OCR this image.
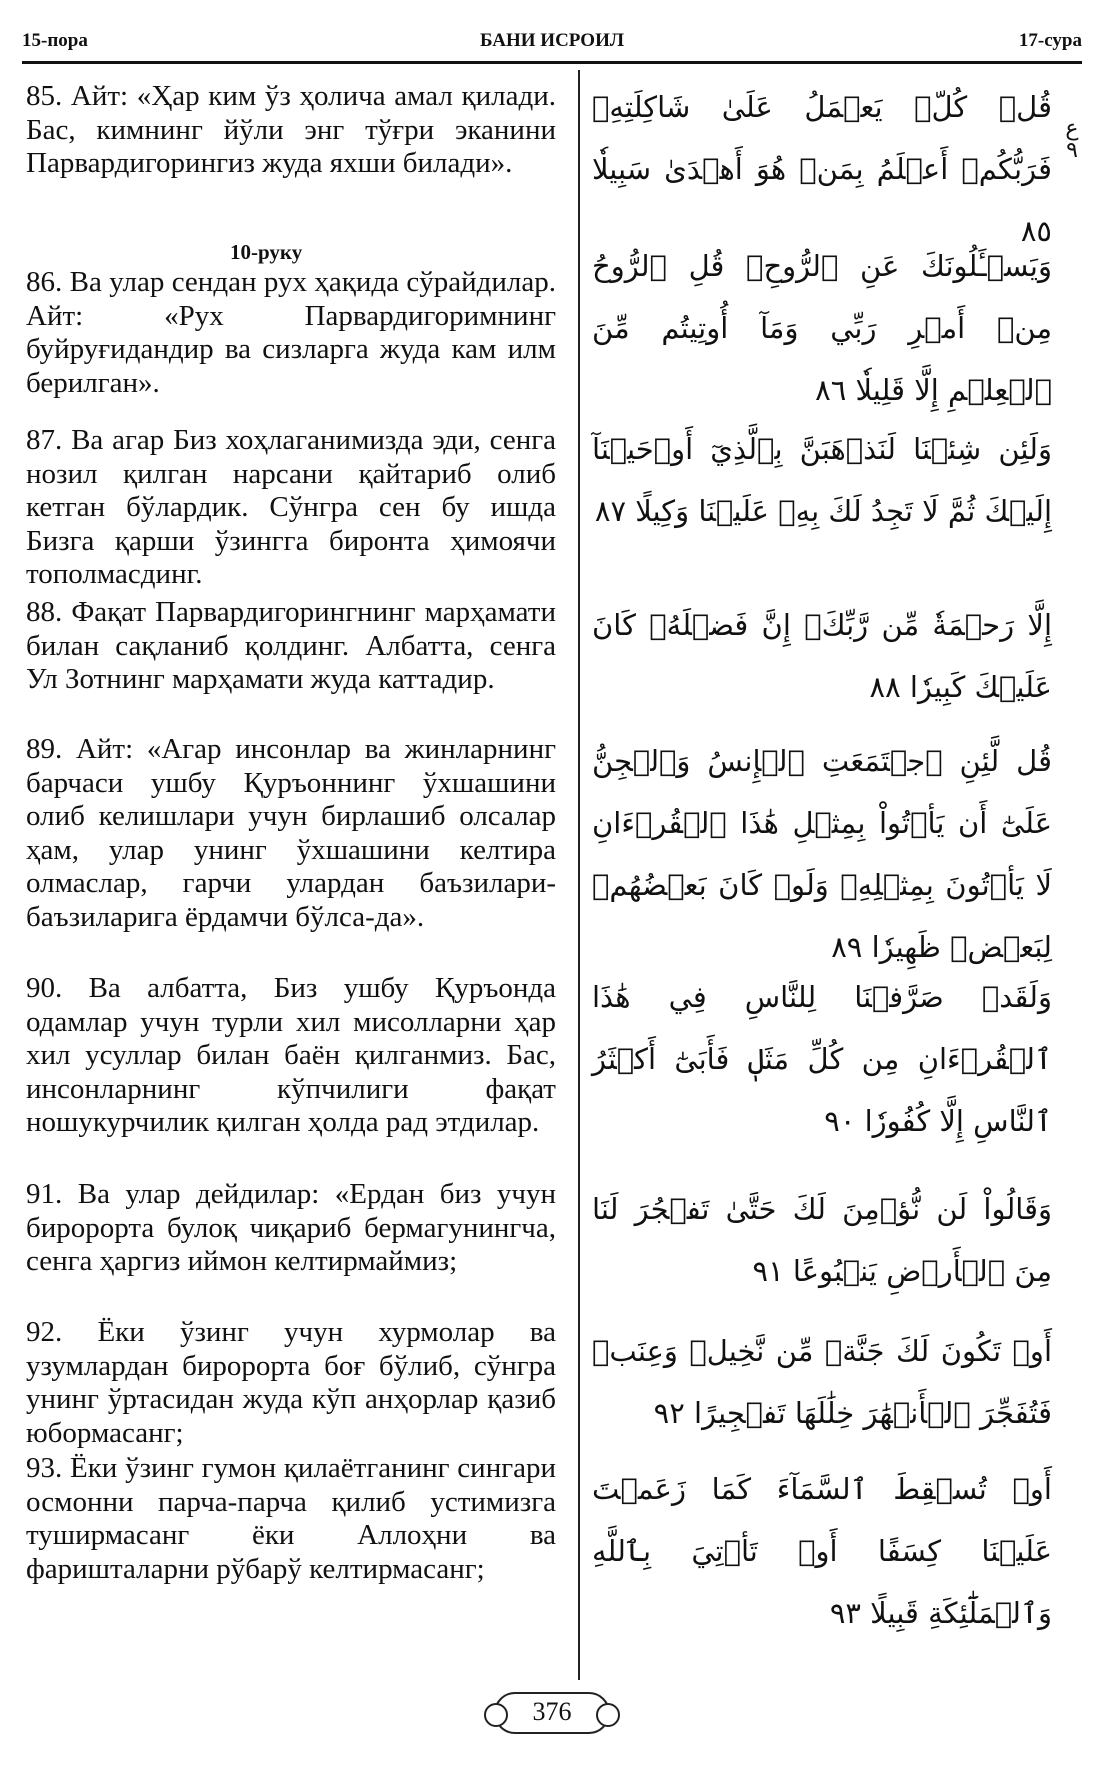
15-пора	БАНИ ИСРОИЛ	17-сура
ع ٩
85. Айт: «Ҳар ким ўз ҳолича амал қилади. Бас, кимнинг йўли энг тўғри эканини Парвардигорингиз жуда яхши билади».
قُلۡ كُلّٞ يَعۡمَلُ عَلَىٰ شَاكِلَتِهِۦ فَرَبُّكُمۡ أَعۡلَمُ بِمَنۡ هُوَ أَهۡدَىٰ سَبِيلٗا ٨٥
10-руку
86. Ва улар сендан рух ҳақида сўрайдилар. Айт: «Рух Парвардигоримнинг буйруғидандир ва сизларга жуда кам илм берилган».
وَيَسۡـَٔلُونَكَ عَنِ ٱلرُّوحِۖ قُلِ ٱلرُّوحُ مِنۡ أَمۡرِ رَبِّي وَمَآ أُوتِيتُم مِّنَ ٱلۡعِلۡمِ إِلَّا قَلِيلٗا ٨٦
87. Ва агар Биз хоҳлаганимизда эди, сенга нозил қилган нарсани қайтариб олиб кетган бўлардик. Сўнгра сен бу ишда Бизга қарши ўзингга биронта ҳимоячи тополмасдинг.
وَلَئِن شِئۡنَا لَنَذۡهَبَنَّ بِٱلَّذِيٓ أَوۡحَيۡنَآ إِلَيۡكَ ثُمَّ لَا تَجِدُ لَكَ بِهِۦ عَلَيۡنَا وَكِيلًا ٨٧
88. Фақат Парвардигорингнинг марҳамати билан сақланиб қолдинг. Албатта, сенга Ул Зотнинг марҳамати жуда каттадир.
إِلَّا رَحۡمَةٗ مِّن رَّبِّكَۚ إِنَّ فَضۡلَهُۥ كَانَ عَلَيۡكَ كَبِيرٗا ٨٨
89. Айт: «Агар инсонлар ва жинларнинг барчаси ушбу Қуръоннинг ўхшашини олиб келишлари учун бирлашиб олсалар ҳам, улар унинг ўхшашини келтира олмаслар, гарчи улардан баъзилари-баъзиларига ёрдамчи бўлса-да».
قُل لَّئِنِ ٱجۡتَمَعَتِ ٱلۡإِنسُ وَٱلۡجِنُّ عَلَىٰٓ أَن يَأۡتُواْ بِمِثۡلِ هَٰذَا ٱلۡقُرۡءَانِ لَا يَأۡتُونَ بِمِثۡلِهِۦ وَلَوۡ كَانَ بَعۡضُهُمۡ لِبَعۡضٖ ظَهِيرٗا ٨٩
90. Ва албатта, Биз ушбу Қуръонда одамлар учун турли хил мисолларни ҳар хил усуллар билан баён қилганмиз. Бас, инсонларнинг кўпчилиги фақат ношукурчилик қилган ҳолда рад этдилар.
وَلَقَدۡ صَرَّفۡنَا لِلنَّاسِ فِي هَٰذَا ٱلۡقُرۡءَانِ مِن كُلِّ مَثَلٖ فَأَبَىٰٓ أَكۡثَرُ ٱلنَّاسِ إِلَّا كُفُورٗا ٩٠
91. Ва улар дейдилар: «Ердан биз учун биророрта булоқ чиқариб бермагунингча, сенга ҳаргиз иймон келтирмаймиз;
وَقَالُواْ لَن نُّؤۡمِنَ لَكَ حَتَّىٰ تَفۡجُرَ لَنَا مِنَ ٱلۡأَرۡضِ يَنۢبُوعًا ٩١
92. Ёки ўзинг учун хурмолар ва узумлардан биророрта боғ бўлиб, сўнгра унинг ўртасидан жуда кўп анҳорлар қазиб юбормасанг;
أَوۡ تَكُونَ لَكَ جَنَّةٞ مِّن نَّخِيلٖ وَعِنَبٖ فَتُفَجِّرَ ٱلۡأَنۡهَٰرَ خِلَٰلَهَا تَفۡجِيرًا ٩٢
93. Ёки ўзинг гумон қилаётганинг сингари осмонни парча-парча қилиб устимизга туширмасанг ёки Аллоҳни ва фаришталарни рўбарў келтирмасанг;
أَوۡ تُسۡقِطَ ٱلسَّمَآءَ كَمَا زَعَمۡتَ عَلَيۡنَا كِسَفًا أَوۡ تَأۡتِيَ بِٱللَّهِ وَٱلۡمَلَٰٓئِكَةِ قَبِيلًا ٩٣
376
